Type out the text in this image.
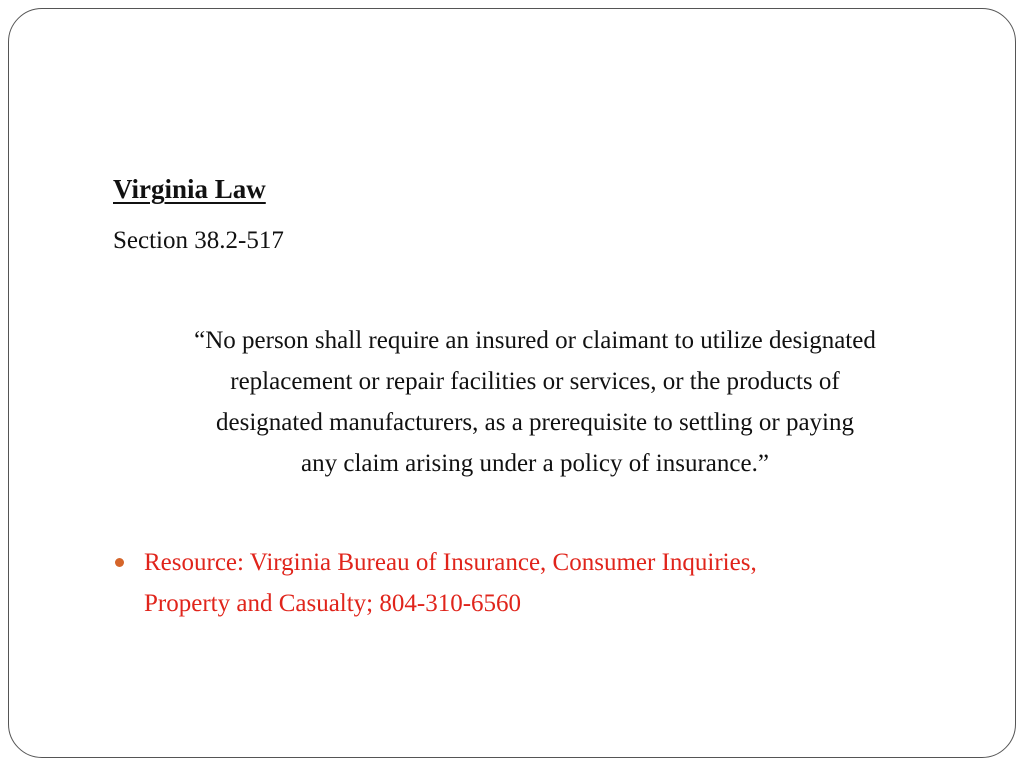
Virginia Law

Section 38.2-517

“No person shall require an insured or claimant to utilize designated
replacement or repair facilities or services, or the products of
designated manufacturers, as a prerequisite to settling or paying
any claim arising under a policy of insurance.”

Resource: Virginia Bureau of Insurance, Consumer Inquiries,
Property and Casualty; 804-310-6560
